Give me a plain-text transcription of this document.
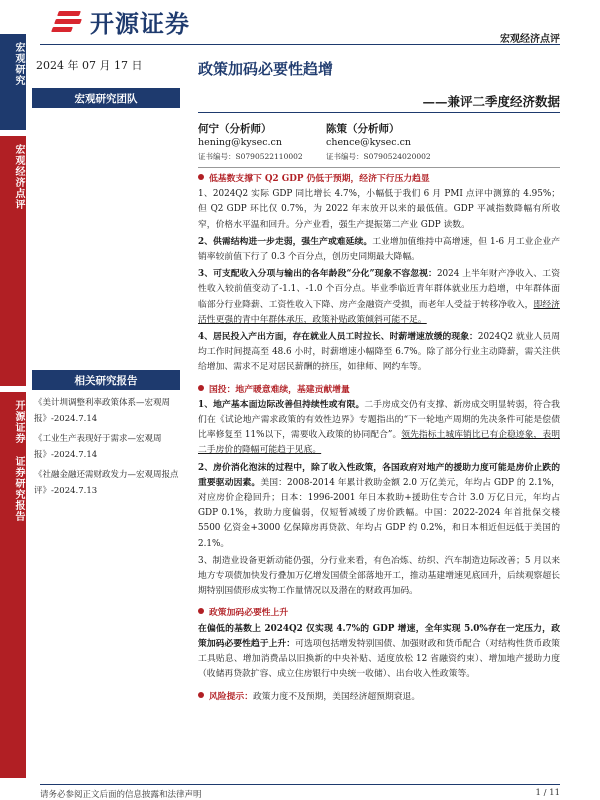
开源证券
宏观经济点评
宏观研究
宏观经济点评
开源证券 证券研究报告
2024 年 07 月 17 日
宏观研究团队
相关研究报告
《美计圳调整利率政策体系—宏观周报》-2024.7.14
《工业生产表现好于需求—宏观周报》-2024.7.14
《社融金融还需财政发力—宏观周报点评》-2024.7.13
政策加码必要性趋增
——兼评二季度经济数据
何宁（分析师）
hening@kysec.cn
证书编号：S0790522110002
陈策（分析师）
chence@kysec.cn
证书编号：S0790524020002
低基数支撑下 Q2 GDP 仍低于预期，经济下行压力趋显
1、2024Q2 实际 GDP 同比增长 4.7%，小幅低于我们 6 月 PMI 点评中测算的 4.95%；但 Q2 GDP 环比仅 0.7%，为 2022 年末放开以来的最低值。GDP 平减指数降幅有所收窄，价格水平温和回升。分产业看，强生产提振第二产业 GDP 读数。
2、供需结构进一步走弱，强生产或难延续。工业增加值维持中高增速，但 1-6 月工业企业产销率较前值下行了 0.3 个百分点，创历史同期最大降幅。
3、可支配收入分项与输出的各年龄段“分化”现象不容忽视：2024 上半年财产净收入、工资性收入较前值变动了-1.1、-1.0 个百分点。毕业季临近青年群体就业压力趋增，中年群体面临部分行业降薪、工资性收入下降、房产金融资产受损，而老年人受益于转移净收入，即经济活性更强的青中年群体承压，政策补贴政策倾斜可能不足。
4、居民投入产出方面，存在就业人员工时拉长、时薪增速放缓的现象：2024Q2 就业人员周均工作时间提高至 48.6 小时，时薪增速小幅降至 6.7%。除了部分行业主动降薪，需关注供给增加、需求不足对居民薪酬的挤压，如律师、网约车等。
国投：地产暖意难续，基建贡献增量
1、地产基本面边际改善但持续性或有限。二手房成交仍有支撑、新房成交明显转弱，符合我们在《试论地产需求政策的有效性边界》专题指出的“下一轮地产周期的先决条件可能是偿债比率修复至 11%以下，需要收入政策的协同配合”。领先指标土城库销比已有企稳迹象，表明二手房价的降幅可能趋于见底。
2、房价消化泡沫的过程中，除了收入性政策，各国政府对地产的援助力度可能是房价止跌的重要驱动因素。美国：2008-2014 年累计救助金额 2.0 万亿美元，年均占 GDP 的 2.1%，对应房价企稳回升；日本：1996-2001 年日本救助+援助住专合计 3.0 万亿日元，年均占 GDP 0.1%，救助力度偏弱，仅短暂减缓了房价跌幅。中国：2022-2024 年首批保交楼 5500 亿资金+3000 亿保障房再贷款、年均占 GDP 约 0.2%，和日本相近但远低于美国的 2.1%。
3、制造业设备更新动能仍强，分行业来看，有色冶炼、纺织、汽车制造边际改善；5 月以来地方专项债加快发行叠加万亿增发国债全部落地开工，推动基建增速见底回升，后续观察超长期特别国债形成实物工作量情况以及潜在的财政再加码。
政策加码必要性上升
在偏低的基数上 2024Q2 仅实现 4.7%的 GDP 增速，全年实现 5.0%存在一定压力，政策加码必要性趋于上升：可选项包括增发特别国债、加强财政和货币配合（对结构性货币政策工具贴息、增加消费品以旧换新的中央补贴、适度放松 12 省融资约束）、增加地产援助力度（收储再贷款扩容、成立住房银行中央统一收储）、出台收入性政策等。
风险提示： 政策力度不及预期，美国经济超预期衰退。
请务必参阅正文后面的信息披露和法律声明	1 / 11
